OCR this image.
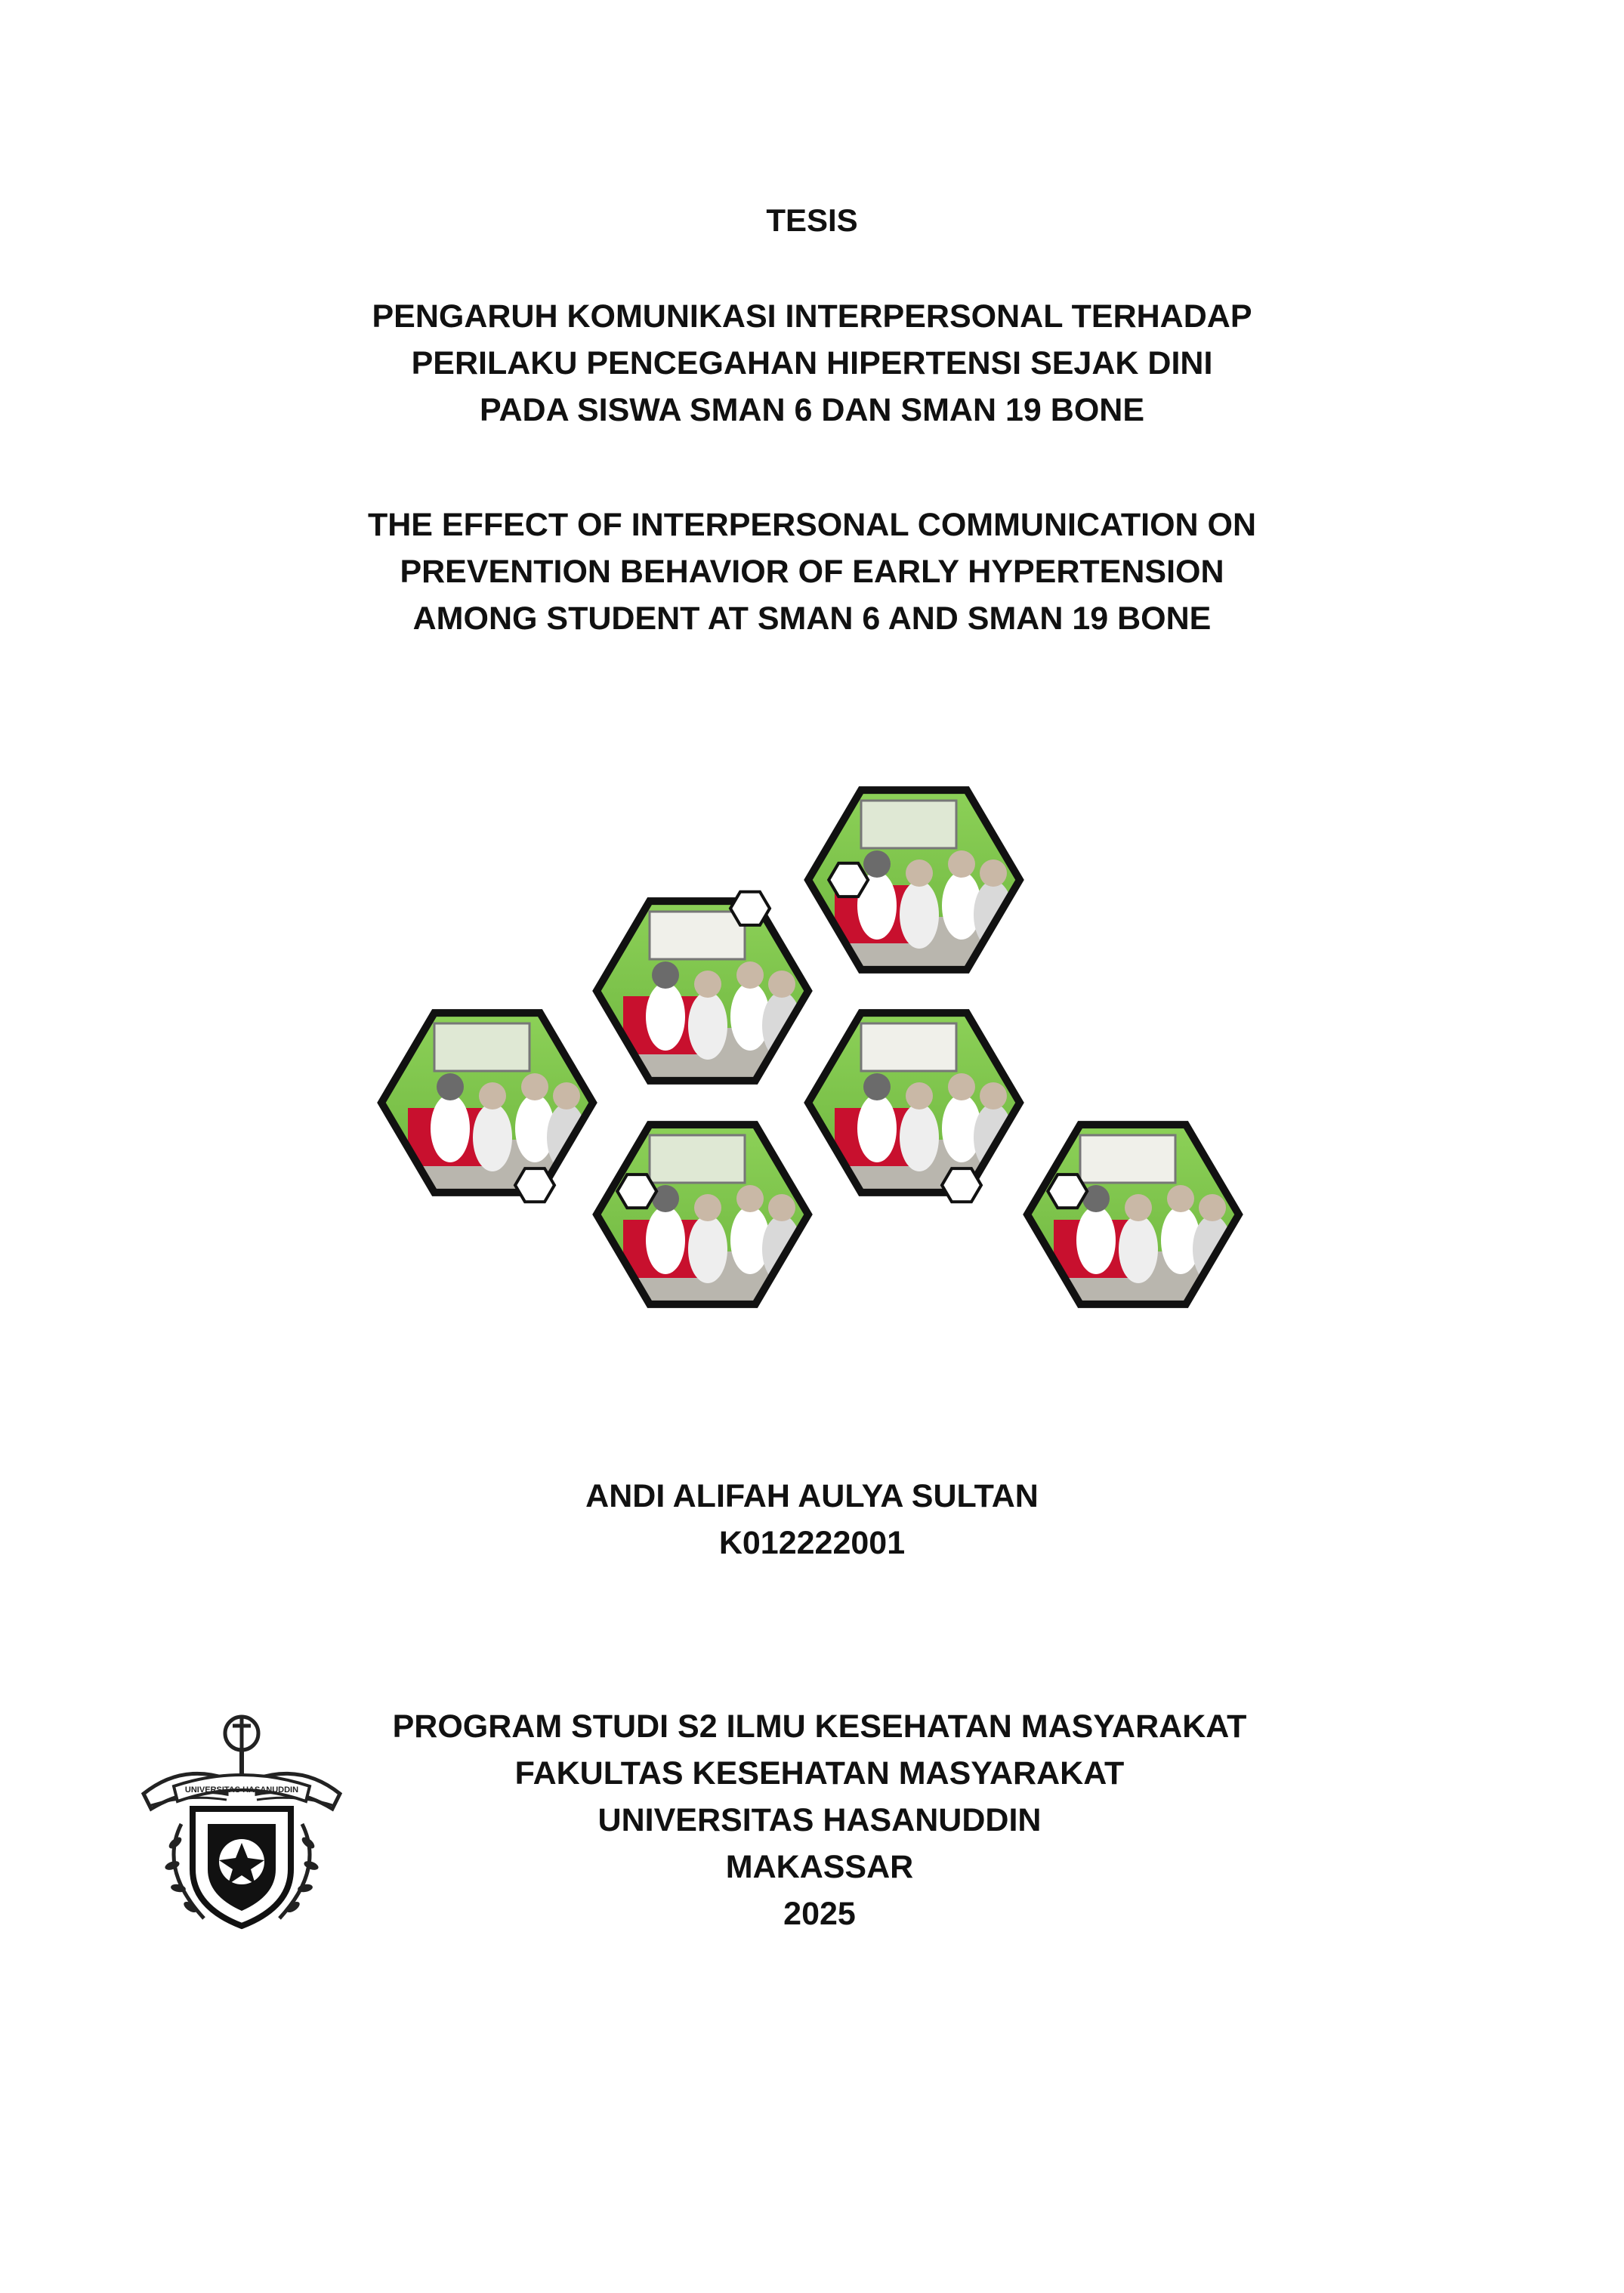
TESIS
PENGARUH KOMUNIKASI INTERPERSONAL TERHADAP
PERILAKU PENCEGAHAN HIPERTENSI SEJAK DINI
PADA SISWA SMAN 6 DAN SMAN 19 BONE
THE EFFECT OF INTERPERSONAL COMMUNICATION ON
PREVENTION BEHAVIOR OF EARLY HYPERTENSION
AMONG STUDENT AT SMAN 6 AND SMAN 19 BONE
ANDI ALIFAH AULYA SULTAN
K012222001
UNIVERSITAS HASANUDDIN
PROGRAM STUDI S2 ILMU KESEHATAN MASYARAKAT
FAKULTAS KESEHATAN MASYARAKAT
UNIVERSITAS HASANUDDIN
MAKASSAR
2025
